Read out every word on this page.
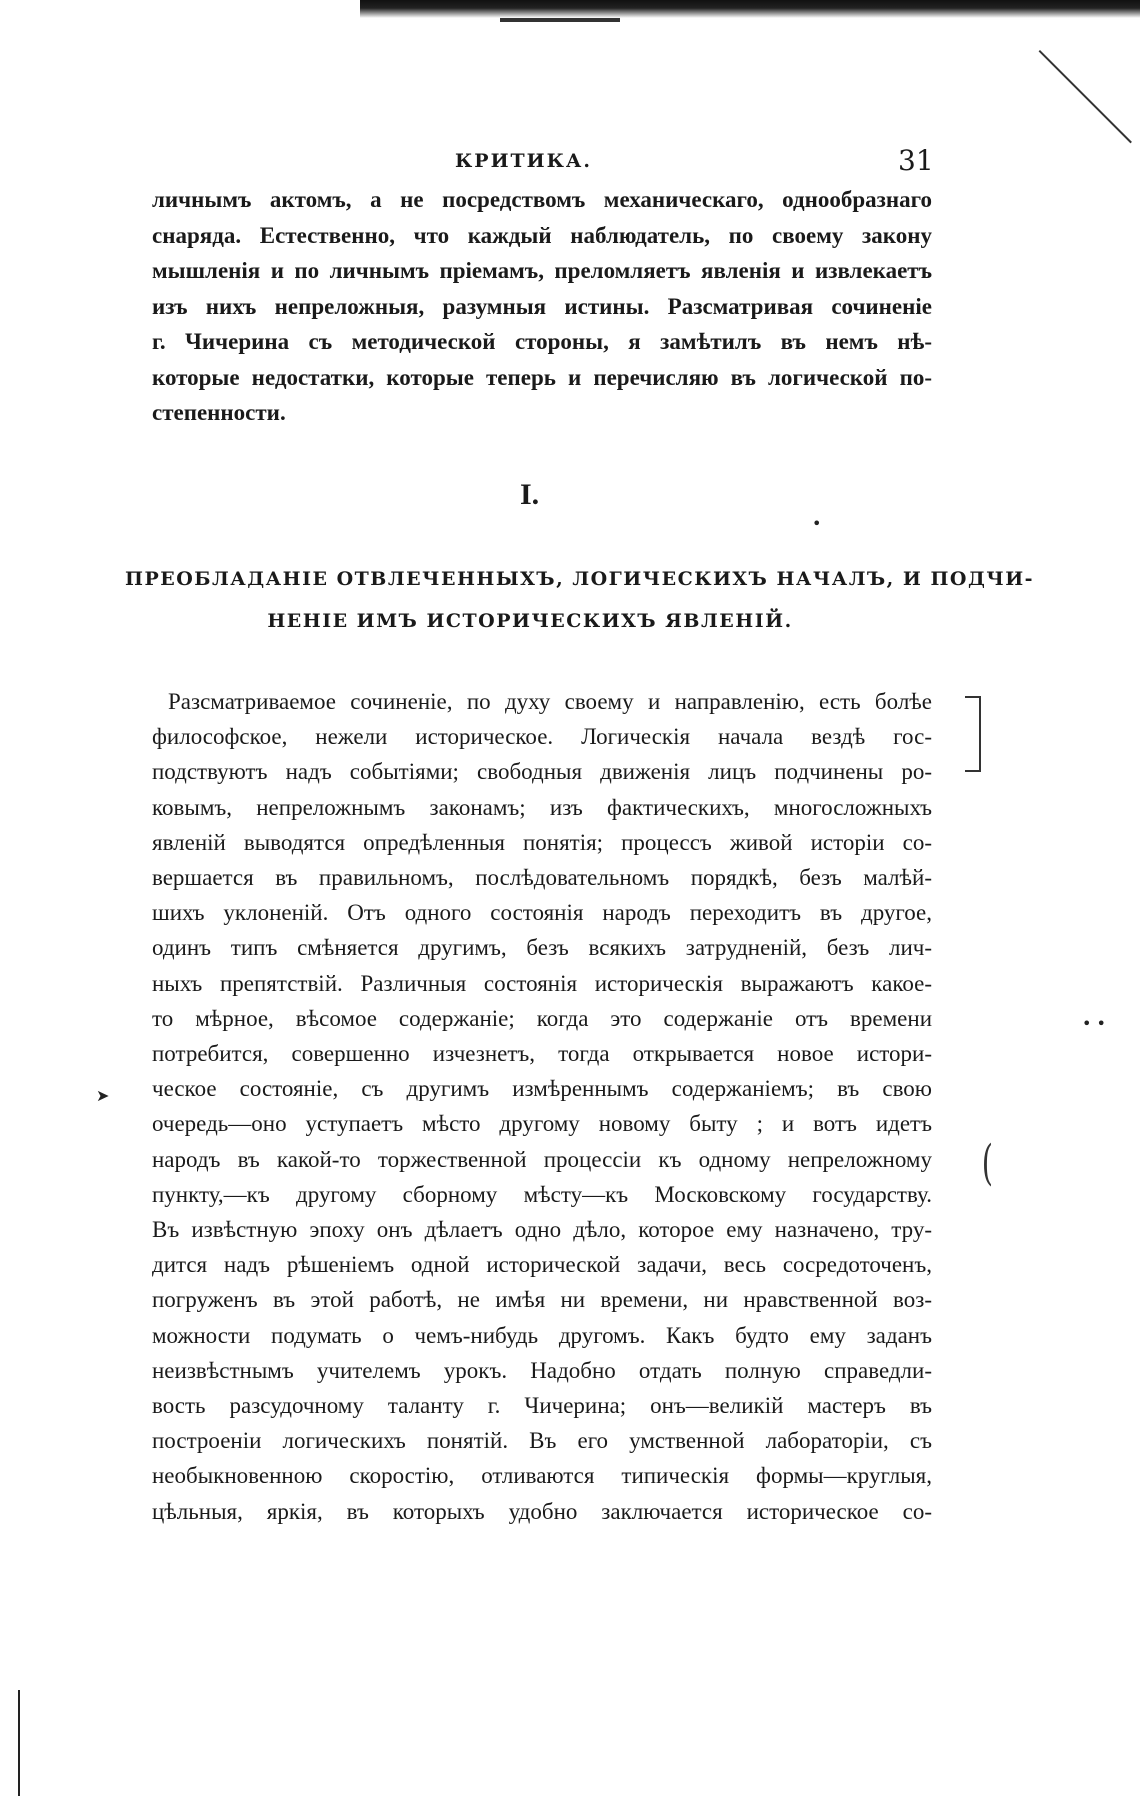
КРИТИКА.	31
личнымъ актомъ, а не посредствомъ механическаго, однообразнаго
снаряда. Естественно, что каждый наблюдатель, по своему закону
мышленія и по личнымъ пріемамъ, преломляетъ явленія и извлекаетъ
изъ нихъ непреложныя, разумныя истины. Разсматривая сочиненіе
г. Чичерина съ методической стороны, я замѣтилъ въ немъ нѣ-
которые недостатки, которые теперь и перечисляю въ логической по-
степенности.
I.
ПРЕОБЛАДАНІЕ ОТВЛЕЧЕННЫХЪ, ЛОГИЧЕСКИХЪ НАЧАЛЪ, И ПОДЧИ-
НЕНІЕ ИМЪ ИСТОРИЧЕСКИХЪ ЯВЛЕНІЙ.
Разсматриваемое сочиненіе, по духу своему и направленію, есть болѣе
философское, нежели историческое. Логическія начала вездѣ гос-
подствуютъ надъ событіями; свободныя движенія лицъ подчинены ро-
ковымъ, непреложнымъ законамъ; изъ фактическихъ, многосложныхъ
явленій выводятся опредѣленныя понятія; процессъ живой исторіи со-
вершается въ правильномъ, послѣдовательномъ порядкѣ, безъ малѣй-
шихъ уклоненій. Отъ одного состоянія народъ переходитъ въ другое,
одинъ типъ смѣняется другимъ, безъ всякихъ затрудненій, безъ лич-
ныхъ препятствій. Различныя состоянія историческія выражаютъ какое-
то мѣрное, вѣсомое содержаніе; когда это содержаніе отъ времени
потребится, совершенно изчезнетъ, тогда открывается новое истори-
ческое состояніе, съ другимъ измѣреннымъ содержаніемъ; въ свою
очередь—оно уступаетъ мѣсто другому новому быту ; и вотъ идетъ
народъ въ какой-то торжественной процессіи къ одному непреложному
пункту,—къ другому сборному мѣсту—къ Московскому государству.
Въ извѣстную эпоху онъ дѣлаетъ одно дѣло, которое ему назначено, тру-
дится надъ рѣшеніемъ одной исторической задачи, весь сосредоточенъ,
погруженъ въ этой работѣ, не имѣя ни времени, ни нравственной воз-
можности подумать о чемъ-нибудь другомъ. Какъ будто ему заданъ
неизвѣстнымъ учителемъ урокъ. Надобно отдать полную справедли-
вость разсудочному таланту г. Чичерина; онъ—великій мастеръ въ
построеніи логическихъ понятій. Въ его умственной лабораторіи, съ
необыкновенною скоростію, отливаются типическія формы—круглыя,
цѣльныя, яркія, въ которыхъ удобно заключается историческое со-
• •
➤
•
(
